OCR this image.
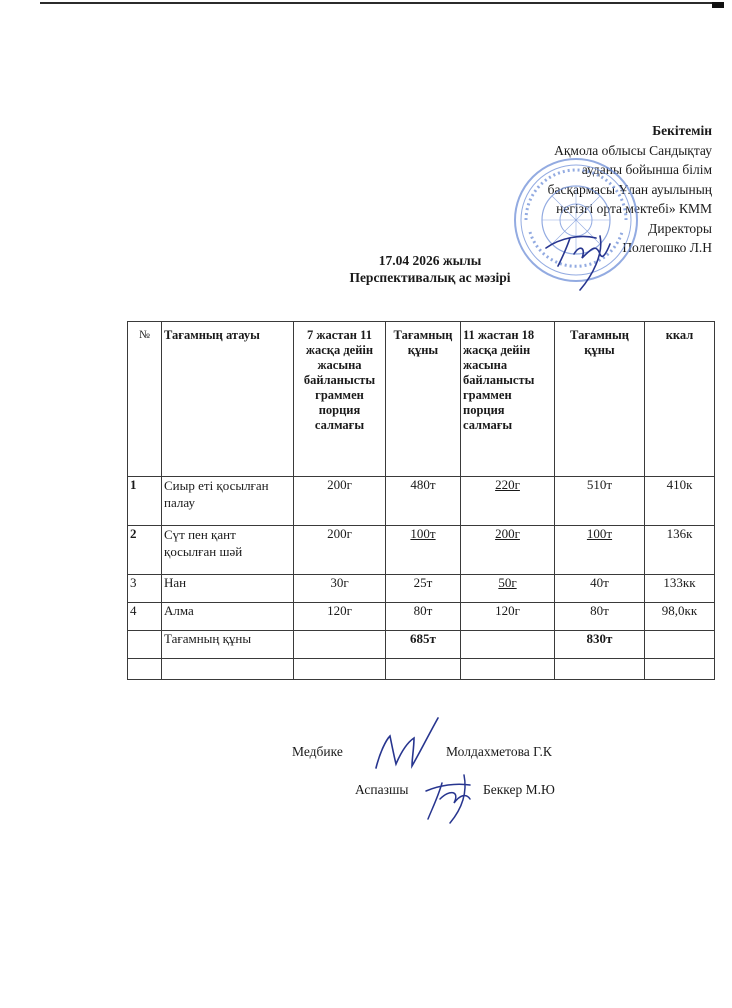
Бекітемін
Ақмола облысы Сандықтау
ауданы бойынша білім
басқармасы Ұлан ауылының
негізгі орта мектебі» КММ
Директоры
Полегошко Л.Н
17.04 2026 жылы
Перспективалық ас мәзірі
№	Тағамның атауы	7 жастан 11 жасқа дейін жасына байланысты граммен порция салмағы	Тағамның құны	11 жастан 18 жасқа дейін жасына байланысты граммен порция салмағы	Тағамның құны	ккал
1	Сиыр еті қосылған палау	200г	480т	220г	510т	410к
2	Сүт пен қант қосылған шәй	200г	100т	200г	100т	136к
3	Нан	30г	25т	50г	40т	133кк
4	Алма	120г	80т	120г	80т	98,0кк
	Тағамның құны		685т		830т	

Медбике	Молдахметова Г.К
Аспазшы	Беккер М.Ю
